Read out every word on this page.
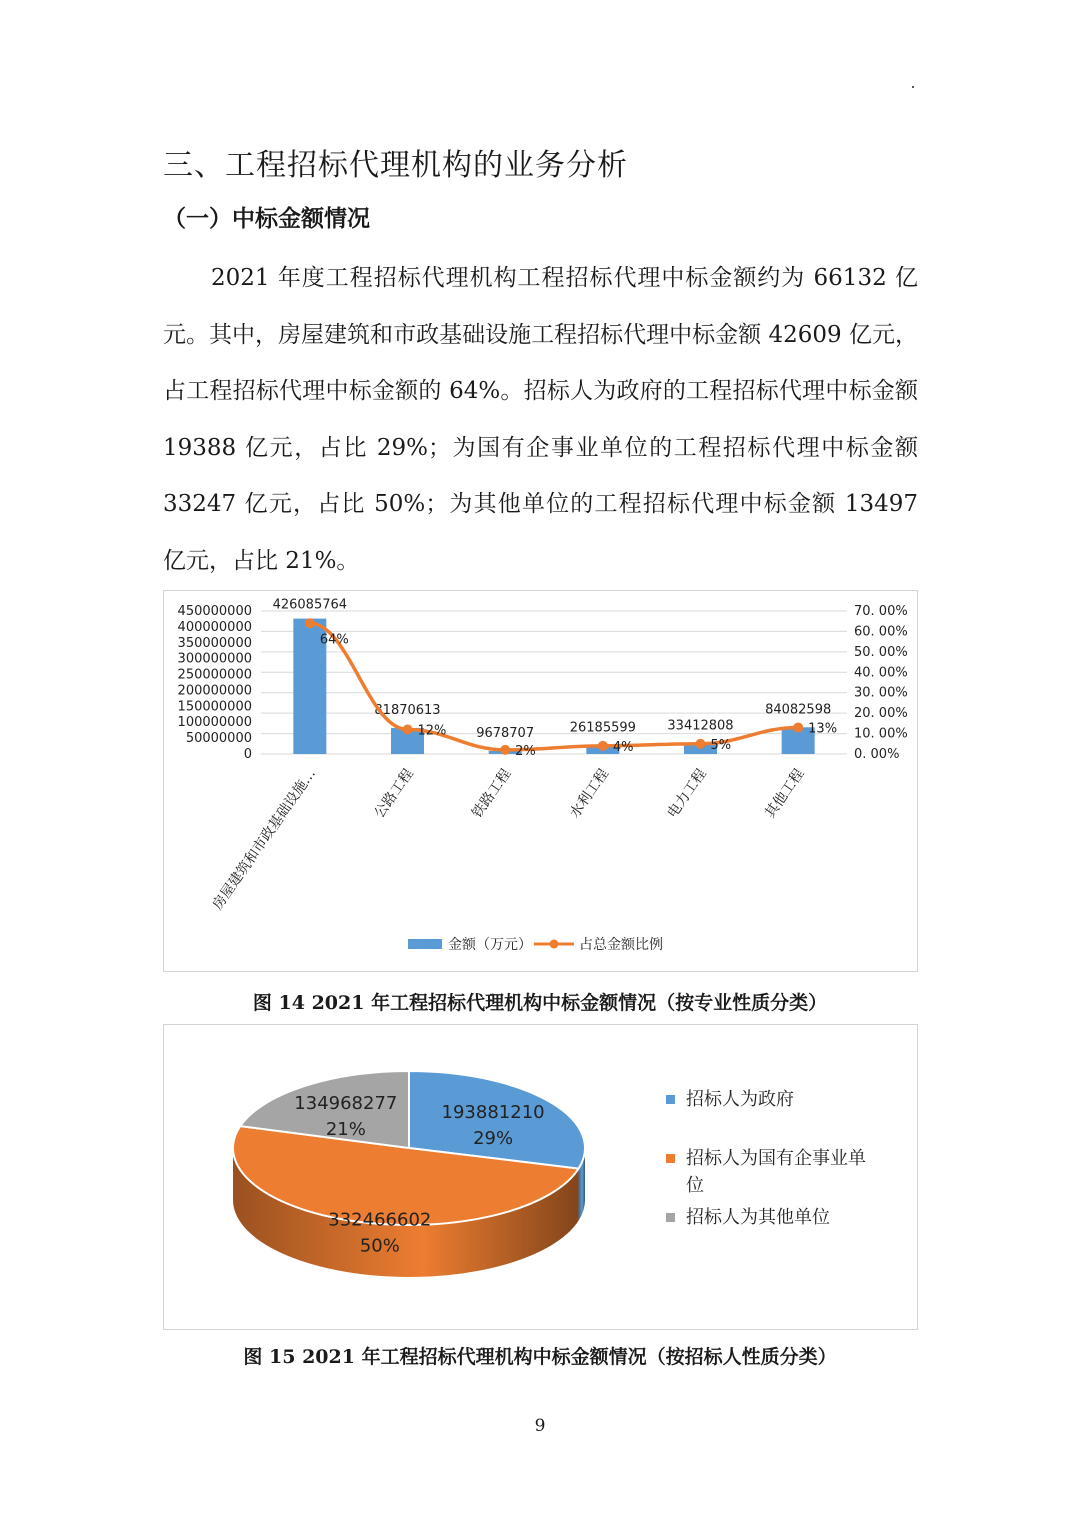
三、工程招标代理机构的业务分析
（一）中标金额情况

2021 年度工程招标代理机构工程招标代理中标金额约为 66132 亿元。其中，房屋建筑和市政基础设施工程招标代理中标金额 42609 亿元，占工程招标代理中标金额的 64%。招标人为政府的工程招标代理中标金额 19388 亿元，占比 29%；为国有企事业单位的工程招标代理中标金额 33247 亿元，占比 50%；为其他单位的工程招标代理中标金额 13497 亿元，占比 21%。

450000000
400000000
350000000
300000000
250000000
200000000
150000000
100000000
50000000
0
70. 00%
60. 00%
50. 00%
40. 00%
30. 00%
20. 00%
10. 00%
0. 00%
426085764
81870613
9678707	26185599 33412808
84082598
64%
12%
2%	4%	5%
13%
房屋建筑和市政基础设施…	公路工程	铁路工程	水利工程	电力工程	其他工程
金额（万元）	占总金额比例
图 14 2021 年工程招标代理机构中标金额情况（按专业性质分类）
193881210
29%
332466602
50%
134968277
21%
招标人为政府
招标人为国有企事业单
位
招标人为其他单位
图 15 2021 年工程招标代理机构中标金额情况（按招标人性质分类）
9
